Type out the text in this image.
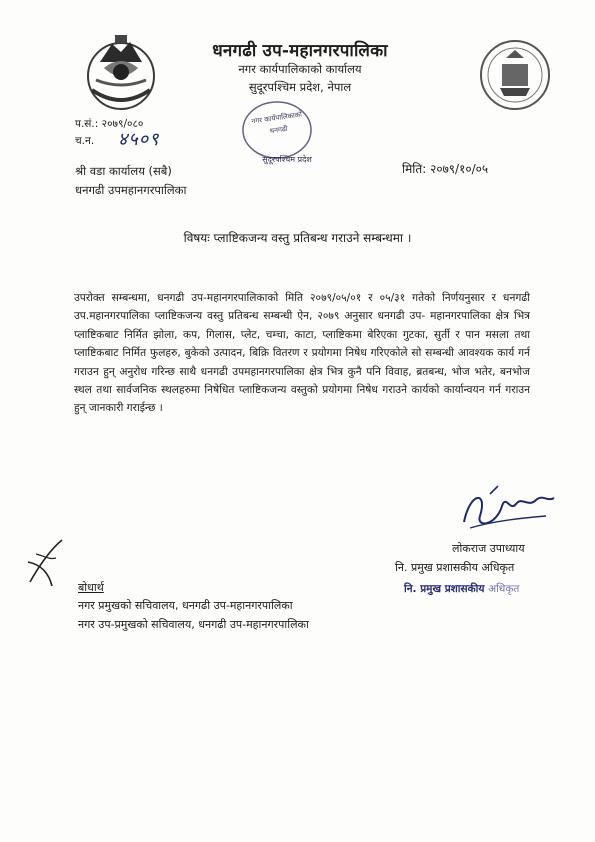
धनगढी उप-महानगरपालिका
नगर कार्यपालिकाको कार्यालय
सुदूरपश्चिम प्रदेश, नेपाल
प.सं.: २०७९/०८०
च.न. ४५०९
नगर कार्यपालिकाको
धनगढी
सुदूरपश्चिम प्रदेश
श्री वडा कार्यालय (सबै)
धनगढी उपमहानगरपालिका
मिति: २०७९/१०/०५
विषयः प्लाष्टिकजन्य वस्तु प्रतिबन्ध गराउने सम्बन्धमा ।
उपरोक्त सम्बन्धमा, धनगढी उप-महानगरपालिकाको मिति २०७९/०५/०१ र ०५/३१ गतेको निर्णयनुसार र धनगढी उप.महानगरपालिका प्लाष्टिकजन्य वस्तु प्रतिबन्ध सम्बन्धी ऐन, २०७९ अनुसार धनगढी उप- महानगरपालिका क्षेत्र भित्र प्लाष्टिकबाट निर्मित झोला, कप, गिलास, प्लेट, चम्चा, काटा, प्लाष्टिकमा बेरिएका गुटका, सुर्ती र पान मसला तथा प्लाष्टिकबाट निर्मित फुलहरु, बुकेको उत्पादन, बिक्रि वितरण र प्रयोगमा निषेध गरिएकोले सो सम्बन्धी आवश्यक कार्य गर्न गराउन हुन् अनुरोध गरिन्छ साथै धनगढी उपमहानगरपालिका क्षेत्र भित्र कुनै पनि विवाह, ब्रतबन्ध, भोज भतेर, बनभोज स्थल तथा सार्वजनिक स्थलहरुमा निषेधित प्लाष्टिकजन्य वस्तुको प्रयोगमा निषेध गराउने कार्यको कार्यान्वयन गर्न गराउन हुन् जानकारी गराईन्छ ।
लोकराज उपाध्याय
नि. प्रमुख प्रशासकीय अधिकृत
नि. प्रमुख प्रशासकीय अधिकृत
बोधार्थ
नगर प्रमुखको सचिवालय, धनगढी उप-महानगरपालिका
नगर उप-प्रमुखको सचिवालय, धनगढी उप-महानगरपालिका
